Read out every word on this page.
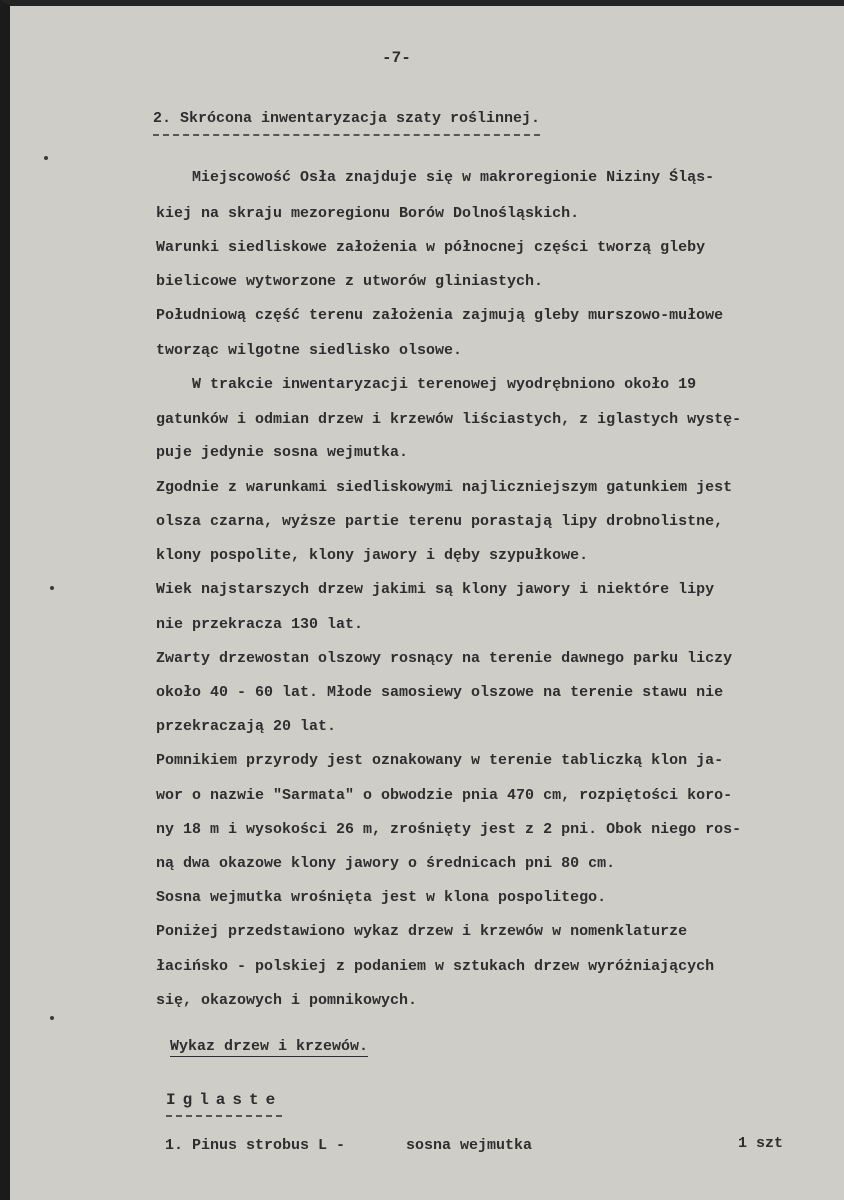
-7-
2. Skrócona inwentaryzacja szaty roślinnej.
Miejscowość Osła znajduje się w makroregionie Niziny Śląs-
kiej na skraju mezoregionu Borów Dolnośląskich.
Warunki siedliskowe założenia w północnej części tworzą gleby
bielicowe wytworzone z utworów gliniastych.
Południową część terenu założenia zajmują gleby murszowo-mułowe
tworząc wilgotne siedlisko olsowe.
W trakcie inwentaryzacji terenowej wyodrębniono około 19
gatunków i odmian drzew i krzewów liściastych, z iglastych wystę-
puje jedynie sosna wejmutka.
Zgodnie z warunkami siedliskowymi najliczniejszym gatunkiem jest
olsza czarna, wyższe partie terenu porastają lipy drobnolistne,
klony pospolite, klony jawory i dęby szypułkowe.
Wiek najstarszych drzew jakimi są klony jawory i niektóre lipy
nie przekracza 130 lat.
Zwarty drzewostan olszowy rosnący na terenie dawnego parku liczy
około 40 - 60 lat. Młode samosiewy olszowe na terenie stawu nie
przekraczają 20 lat.
Pomnikiem przyrody jest oznakowany w terenie tabliczką klon ja-
wor o nazwie "Sarmata" o obwodzie pnia 470 cm, rozpiętości koro-
ny 18 m i wysokości 26 m, zrośnięty jest z 2 pni. Obok niego ros-
ną dwa okazowe klony jawory o średnicach pni 80 cm.
Sosna wejmutka wrośnięta jest w klona pospolitego.
Poniżej przedstawiono wykaz drzew i krzewów w nomenklaturze
łacińsko - polskiej z podaniem w sztukach drzew wyróżniających
się, okazowych i pomnikowych.
Wykaz drzew i krzewów.
Iglaste
1. Pinus strobus L -	sosna wejmutka	1 szt
